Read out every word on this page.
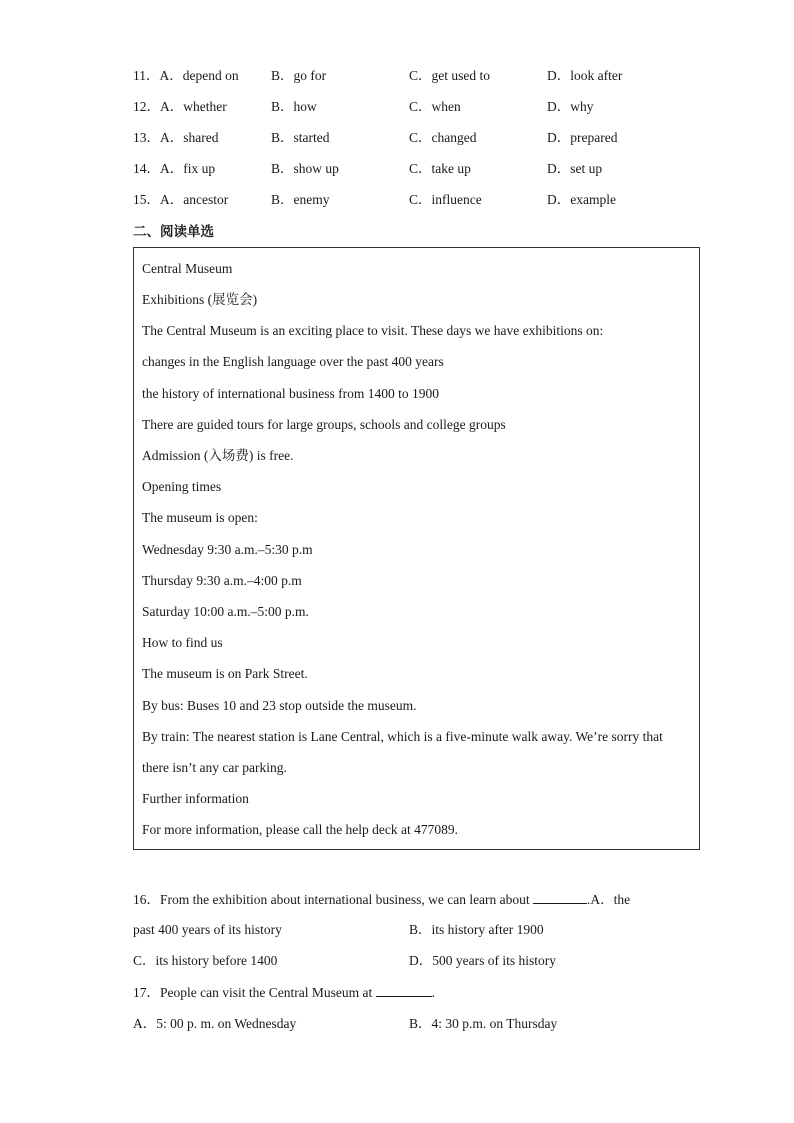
11．A．depend on B．go for	C．get used to	D．look after
12．A．whether	B．how	C．when	D．why
13．A．shared	B．started	C．changed	D．prepared
14．A．fix up	B．show up	C．take up	D．set up
15．A．ancestor	B．enemy	C．influence	D．example
二、阅读单选
Central Museum
Exhibitions (展览会)
The Central Museum is an exciting place to visit. These days we have exhibitions on:
changes in the English language over the past 400 years
the history of international business from 1400 to 1900
There are guided tours for large groups, schools and college groups
Admission (入场费) is free.
Opening times
The museum is open:
Wednesday 9:30 a.m.–5:30 p.m
Thursday 9:30 a.m.–4:00 p.m
Saturday 10:00 a.m.–5:00 p.m.
How to find us
The museum is on Park Street.
By bus: Buses 10 and 23 stop outside the museum.
By train: The nearest station is Lane Central, which is a five-minute walk away. We’re sorry that
there isn’t any car parking.
Further information
For more information, please call the help deck at 477089.
16．From the exhibition about international business, we can learn about	.A．the
past 400 years of its history	B．its history after 1900
C．its history before 1400	D．500 years of its history
17．People can visit the Central Museum at	.
A．5: 00 p. m. on Wednesday	B．4: 30 p.m. on Thursday
